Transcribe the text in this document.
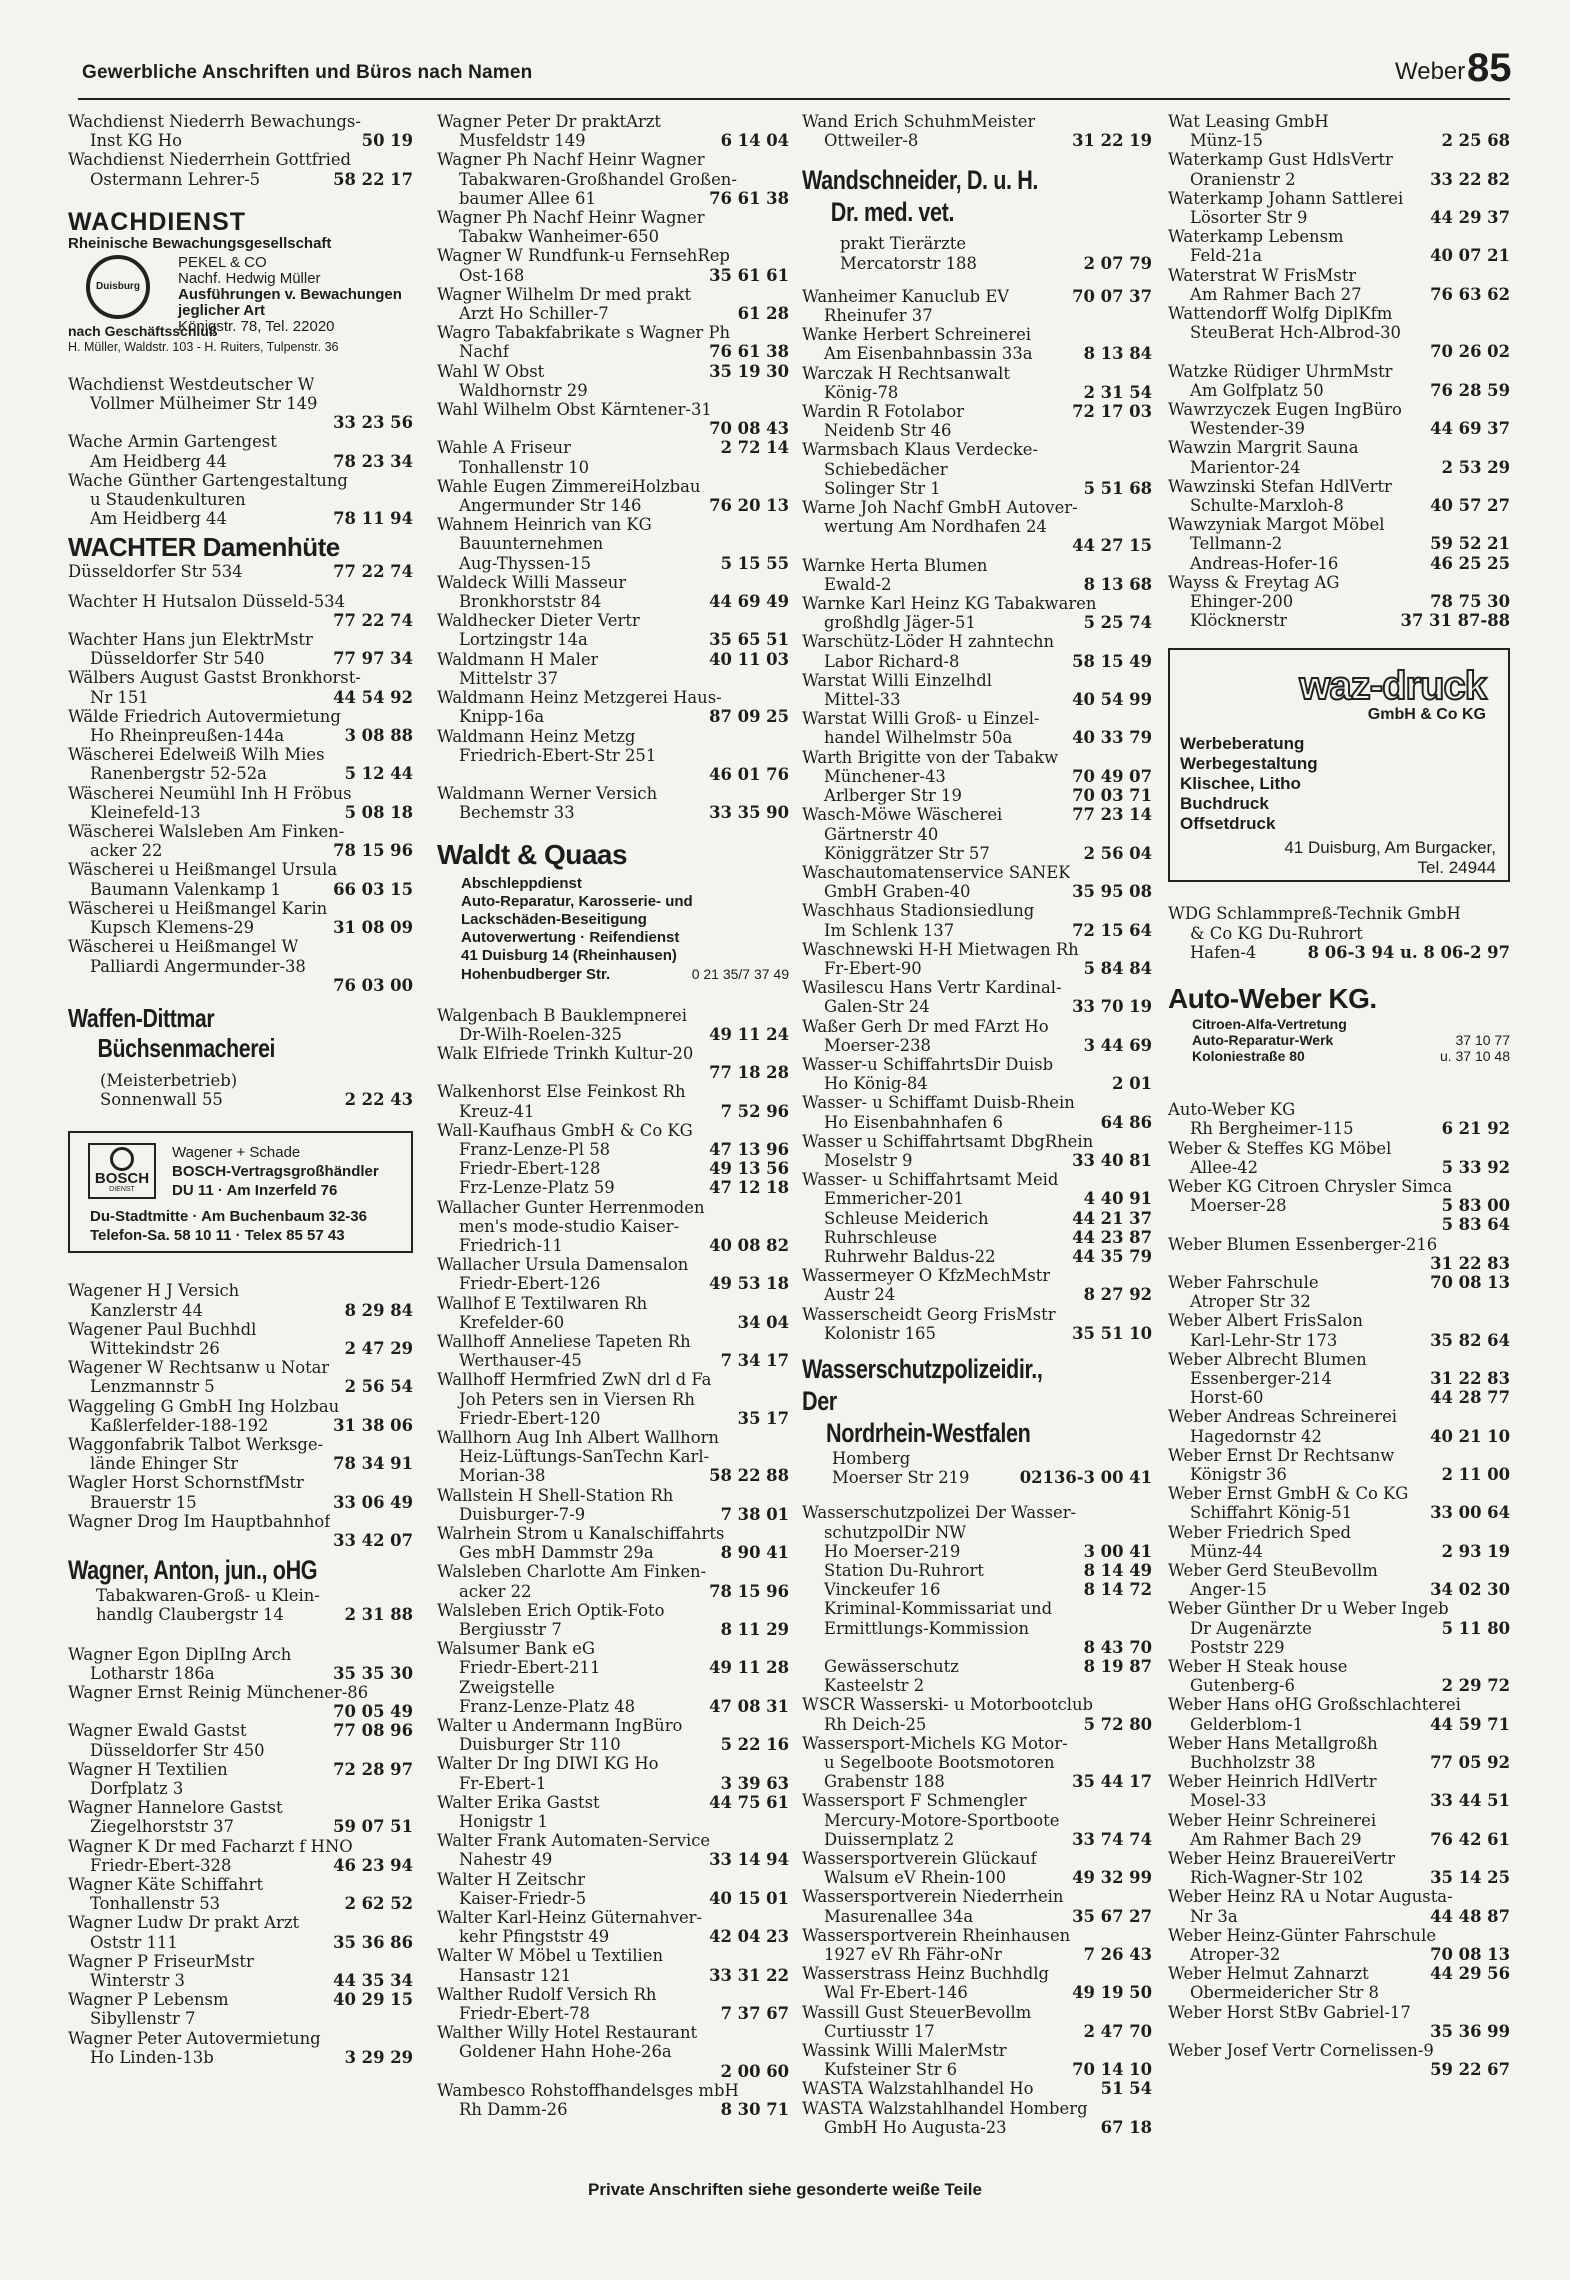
Gewerbliche Anschriften und Büros nach Namen	Weber 85
Wachdienst Niederrh Bewachungs-
Inst KG Ho	50 19
Wachdienst Niederrhein Gottfried
Ostermann Lehrer-5	58 22 17
WACHDIENST
Rheinische Bewachungsgesellschaft
Duisburg
PEKEL & CO
Nachf. Hedwig Müller
Ausführungen v. Bewachungen
jeglicher Art
Königstr. 78, Tel. 22020
nach Geschäftsschluß
H. Müller, Waldstr. 103 - H. Ruiters, Tulpenstr. 36
Wachdienst Westdeutscher W
Vollmer Mülheimer Str 149
33 23 56
Wache Armin Gartengest
Am Heidberg 44	78 23 34
Wache Günther Gartengestaltung
u Staudenkulturen
Am Heidberg 44	78 11 94
WACHTER Damenhüte
Düsseldorfer Str 534	77 22 74
Wachter H Hutsalon Düsseld-534
77 22 74
Wachter Hans jun ElektrMstr
Düsseldorfer Str 540	77 97 34
Wälbers August Gastst Bronkhorst-
Nr 151	44 54 92
Wälde Friedrich Autovermietung
Ho Rheinpreußen-144a	3 08 88
Wäscherei Edelweiß Wilh Mies
Ranenbergstr 52-52a	5 12 44
Wäscherei Neumühl Inh H Fröbus
Kleinefeld-13	5 08 18
Wäscherei Walsleben Am Finken-
acker 22	78 15 96
Wäscherei u Heißmangel Ursula
Baumann Valenkamp 1	66 03 15
Wäscherei u Heißmangel Karin
Kupsch Klemens-29	31 08 09
Wäscherei u Heißmangel W
Palliardi Angermunder-38
76 03 00
Waffen-Dittmar
Büchsenmacherei
(Meisterbetrieb)
Sonnenwall 55	2 22 43
BOSCH
DIENST
Wagener + Schade
BOSCH-Vertragsgroßhändler
DU 11 · Am Inzerfeld 76
Du-Stadtmitte · Am Buchenbaum 32-36
Telefon-Sa. 58 10 11 · Telex 85 57 43
Wagener H J Versich
Kanzlerstr 44	8 29 84
Wagener Paul Buchhdl
Wittekindstr 26	2 47 29
Wagener W Rechtsanw u Notar
Lenzmannstr 5	2 56 54
Waggeling G GmbH Ing Holzbau
Kaßlerfelder-188-192	31 38 06
Waggonfabrik Talbot Werksge-
lände Ehinger Str	78 34 91
Wagler Horst SchornstfMstr
Brauerstr 15	33 06 49
Wagner Drog Im Hauptbahnhof
33 42 07
Wagner, Anton, jun., oHG
Tabakwaren-Groß- u Klein-
handlg Claubergstr 14	2 31 88
Wagner Egon DiplIng Arch
Lotharstr 186a	35 35 30
Wagner Ernst Reinig Münchener-86
70 05 49
Wagner Ewald Gastst	77 08 96
Düsseldorfer Str 450
Wagner H Textilien	72 28 97
Dorfplatz 3
Wagner Hannelore Gastst
Ziegelhorststr 37	59 07 51
Wagner K Dr med Facharzt f HNO
Friedr-Ebert-328	46 23 94
Wagner Käte Schiffahrt
Tonhallenstr 53	2 62 52
Wagner Ludw Dr prakt Arzt
Oststr 111	35 36 86
Wagner P FriseurMstr
Winterstr 3	44 35 34
Wagner P Lebensm	40 29 15
Sibyllenstr 7
Wagner Peter Autovermietung
Ho Linden-13b	3 29 29
Wagner Peter Dr praktArzt
Musfeldstr 149	6 14 04
Wagner Ph Nachf Heinr Wagner
Tabakwaren-Großhandel Großen-
baumer Allee 61	76 61 38
Wagner Ph Nachf Heinr Wagner
Tabakw Wanheimer-650
Wagner W Rundfunk-u FernsehRep
Ost-168	35 61 61
Wagner Wilhelm Dr med prakt
Arzt Ho Schiller-7	61 28
Wagro Tabakfabrikate s Wagner Ph
Nachf	76 61 38
Wahl W Obst	35 19 30
Waldhornstr 29
Wahl Wilhelm Obst Kärntener-31
70 08 43
Wahle A Friseur	2 72 14
Tonhallenstr 10
Wahle Eugen ZimmereiHolzbau
Angermunder Str 146	76 20 13
Wahnem Heinrich van KG
Bauunternehmen
Aug-Thyssen-15	5 15 55
Waldeck Willi Masseur
Bronkhorststr 84	44 69 49
Waldhecker Dieter Vertr
Lortzingstr 14a	35 65 51
Waldmann H Maler	40 11 03
Mittelstr 37
Waldmann Heinz Metzgerei Haus-
Knipp-16a	87 09 25
Waldmann Heinz Metzg
Friedrich-Ebert-Str 251
46 01 76
Waldmann Werner Versich
Bechemstr 33	33 35 90
Waldt & Quaas
Abschleppdienst
Auto-Reparatur, Karosserie- und
Lackschäden-Beseitigung
Autoverwertung · Reifendienst
41 Duisburg 14 (Rheinhausen)
Hohenbudberger Str.	0 21 35/7 37 49
Walgenbach B Bauklempnerei
Dr-Wilh-Roelen-325	49 11 24
Walk Elfriede Trinkh Kultur-20
77 18 28
Walkenhorst Else Feinkost Rh
Kreuz-41	7 52 96
Wall-Kaufhaus GmbH & Co KG
Franz-Lenze-Pl 58	47 13 96
Friedr-Ebert-128	49 13 56
Frz-Lenze-Platz 59	47 12 18
Wallacher Gunter Herrenmoden
men's mode-studio Kaiser-
Friedrich-11	40 08 82
Wallacher Ursula Damensalon
Friedr-Ebert-126	49 53 18
Wallhof E Textilwaren Rh
Krefelder-60	34 04
Wallhoff Anneliese Tapeten Rh
Werthauser-45	7 34 17
Wallhoff Hermfried ZwN drl d Fa
Joh Peters sen in Viersen Rh
Friedr-Ebert-120	35 17
Wallhorn Aug Inh Albert Wallhorn
Heiz-Lüftungs-SanTechn Karl-
Morian-38	58 22 88
Wallstein H Shell-Station Rh
Duisburger-7-9	7 38 01
Walrhein Strom u Kanalschiffahrts
Ges mbH Dammstr 29a	8 90 41
Walsleben Charlotte Am Finken-
acker 22	78 15 96
Walsleben Erich Optik-Foto
Bergiusstr 7	8 11 29
Walsumer Bank eG
Friedr-Ebert-211	49 11 28
Zweigstelle
Franz-Lenze-Platz 48	47 08 31
Walter u Andermann IngBüro
Duisburger Str 110	5 22 16
Walter Dr Ing DIWI KG Ho
Fr-Ebert-1	3 39 63
Walter Erika Gastst	44 75 61
Honigstr 1
Walter Frank Automaten-Service
Nahestr 49	33 14 94
Walter H Zeitschr
Kaiser-Friedr-5	40 15 01
Walter Karl-Heinz Güternahver-
kehr Pfingststr 49	42 04 23
Walter W Möbel u Textilien
Hansastr 121	33 31 22
Walther Rudolf Versich Rh
Friedr-Ebert-78	7 37 67
Walther Willy Hotel Restaurant
Goldener Hahn Hohe-26a
2 00 60
Wambesco Rohstoffhandelsges mbH
Rh Damm-26	8 30 71
Wand Erich SchuhmMeister
Ottweiler-8	31 22 19
Wandschneider, D. u. H.
Dr. med. vet.
prakt Tierärzte
Mercatorstr 188	2 07 79
Wanheimer Kanuclub EV	70 07 37
Rheinufer 37
Wanke Herbert Schreinerei
Am Eisenbahnbassin 33a	8 13 84
Warczak H Rechtsanwalt
König-78	2 31 54
Wardin R Fotolabor	72 17 03
Neidenb Str 46
Warmsbach Klaus Verdecke-
Schiebedächer
Solinger Str 1	5 51 68
Warne Joh Nachf GmbH Autover-
wertung Am Nordhafen 24
44 27 15
Warnke Herta Blumen
Ewald-2	8 13 68
Warnke Karl Heinz KG Tabakwaren
großhdlg Jäger-51	5 25 74
Warschütz-Löder H zahntechn
Labor Richard-8	58 15 49
Warstat Willi Einzelhdl
Mittel-33	40 54 99
Warstat Willi Groß- u Einzel-
handel Wilhelmstr 50a	40 33 79
Warth Brigitte von der Tabakw
Münchener-43	70 49 07
Arlberger Str 19	70 03 71
Wasch-Möwe Wäscherei	77 23 14
Gärtnerstr 40
Königgrätzer Str 57	2 56 04
Waschautomatenservice SANEK
GmbH Graben-40	35 95 08
Waschhaus Stadionsiedlung
Im Schlenk 137	72 15 64
Waschnewski H-H Mietwagen Rh
Fr-Ebert-90	5 84 84
Wasilescu Hans Vertr Kardinal-
Galen-Str 24	33 70 19
Waßer Gerh Dr med FArzt Ho
Moerser-238	3 44 69
Wasser-u SchiffahrtsDir Duisb
Ho König-84	2 01
Wasser- u Schiffamt Duisb-Rhein
Ho Eisenbahnhafen 6	64 86
Wasser u Schiffahrtsamt DbgRhein
Moselstr 9	33 40 81
Wasser- u Schiffahrtsamt Meid
Emmericher-201	4 40 91
Schleuse Meiderich	44 21 37
Ruhrschleuse	44 23 87
Ruhrwehr Baldus-22	44 35 79
Wassermeyer O KfzMechMstr
Austr 24	8 27 92
Wasserscheidt Georg FrisMstr
Kolonistr 165	35 51 10
Wasserschutzpolizeidir., Der
Nordrhein-Westfalen
Homberg
Moerser Str 219	02136-3 00 41
Wasserschutzpolizei Der Wasser-
schutzpolDir NW
Ho Moerser-219	3 00 41
Station Du-Ruhrort	8 14 49
Vinckeufer 16	8 14 72
Kriminal-Kommissariat und
Ermittlungs-Kommission
8 43 70
Gewässerschutz	8 19 87
Kasteelstr 2
WSCR Wasserski- u Motorbootclub
Rh Deich-25	5 72 80
Wassersport-Michels KG Motor-
u Segelboote Bootsmotoren
Grabenstr 188	35 44 17
Wassersport F Schmengler
Mercury-Motore-Sportboote
Duissernplatz 2	33 74 74
Wassersportverein Glückauf
Walsum eV Rhein-100	49 32 99
Wassersportverein Niederrhein
Masurenallee 34a	35 67 27
Wassersportverein Rheinhausen
1927 eV Rh Fähr-oNr	7 26 43
Wasserstrass Heinz Buchhdlg
Wal Fr-Ebert-146	49 19 50
Wassill Gust SteuerBevollm
Curtiusstr 17	2 47 70
Wassink Willi MalerMstr
Kufsteiner Str 6	70 14 10
WASTA Walzstahlhandel Ho	51 54
WASTA Walzstahlhandel Homberg
GmbH Ho Augusta-23	67 18
Wat Leasing GmbH
Münz-15	2 25 68
Waterkamp Gust HdlsVertr
Oranienstr 2	33 22 82
Waterkamp Johann Sattlerei
Lösorter Str 9	44 29 37
Waterkamp Lebensm
Feld-21a	40 07 21
Waterstrat W FrisMstr
Am Rahmer Bach 27	76 63 62
Wattendorff Wolfg DiplKfm
SteuBerat Hch-Albrod-30
70 26 02
Watzke Rüdiger UhrmMstr
Am Golfplatz 50	76 28 59
Wawrzyczek Eugen IngBüro
Westender-39	44 69 37
Wawzin Margrit Sauna
Marientor-24	2 53 29
Wawzinski Stefan HdlVertr
Schulte-Marxloh-8	40 57 27
Wawzyniak Margot Möbel
Tellmann-2	59 52 21
Andreas-Hofer-16	46 25 25
Wayss & Freytag AG
Ehinger-200	78 75 30
Klöcknerstr	37 31 87-88
waz-druck
GmbH & Co KG
Werbeberatung
Werbegestaltung
Klischee, Litho
Buchdruck
Offsetdruck
41 Duisburg, Am Burgacker,
Tel. 24944
WDG Schlammpreß-Technik GmbH
& Co KG Du-Ruhrort
Hafen-4	8 06-3 94 u. 8 06-2 97
Auto-Weber KG.
Citroen-Alfa-Vertretung
Auto-Reparatur-Werk	37 10 77
Koloniestraße 80	u. 37 10 48
Auto-Weber KG
Rh Bergheimer-115	6 21 92
Weber & Steffes KG Möbel
Allee-42	5 33 92
Weber KG Citroen Chrysler Simca
Moerser-28	5 83 00
5 83 64
Weber Blumen Essenberger-216
31 22 83
Weber Fahrschule	70 08 13
Atroper Str 32
Weber Albert FrisSalon
Karl-Lehr-Str 173	35 82 64
Weber Albrecht Blumen
Essenberger-214	31 22 83
Horst-60	44 28 77
Weber Andreas Schreinerei
Hagedornstr 42	40 21 10
Weber Ernst Dr Rechtsanw
Königstr 36	2 11 00
Weber Ernst GmbH & Co KG
Schiffahrt König-51	33 00 64
Weber Friedrich Sped
Münz-44	2 93 19
Weber Gerd SteuBevollm
Anger-15	34 02 30
Weber Günther Dr u Weber Ingeb
Dr Augenärzte	5 11 80
Poststr 229
Weber H Steak house
Gutenberg-6	2 29 72
Weber Hans oHG Großschlachterei
Gelderblom-1	44 59 71
Weber Hans Metallgroßh
Buchholzstr 38	77 05 92
Weber Heinrich HdlVertr
Mosel-33	33 44 51
Weber Heinr Schreinerei
Am Rahmer Bach 29	76 42 61
Weber Heinz BrauereiVertr
Rich-Wagner-Str 102	35 14 25
Weber Heinz RA u Notar Augusta-
Nr 3a	44 48 87
Weber Heinz-Günter Fahrschule
Atroper-32	70 08 13
Weber Helmut Zahnarzt	44 29 56
Obermeidericher Str 8
Weber Horst StBv Gabriel-17
35 36 99
Weber Josef Vertr Cornelissen-9
59 22 67
Private Anschriften siehe gesonderte weiße Teile
